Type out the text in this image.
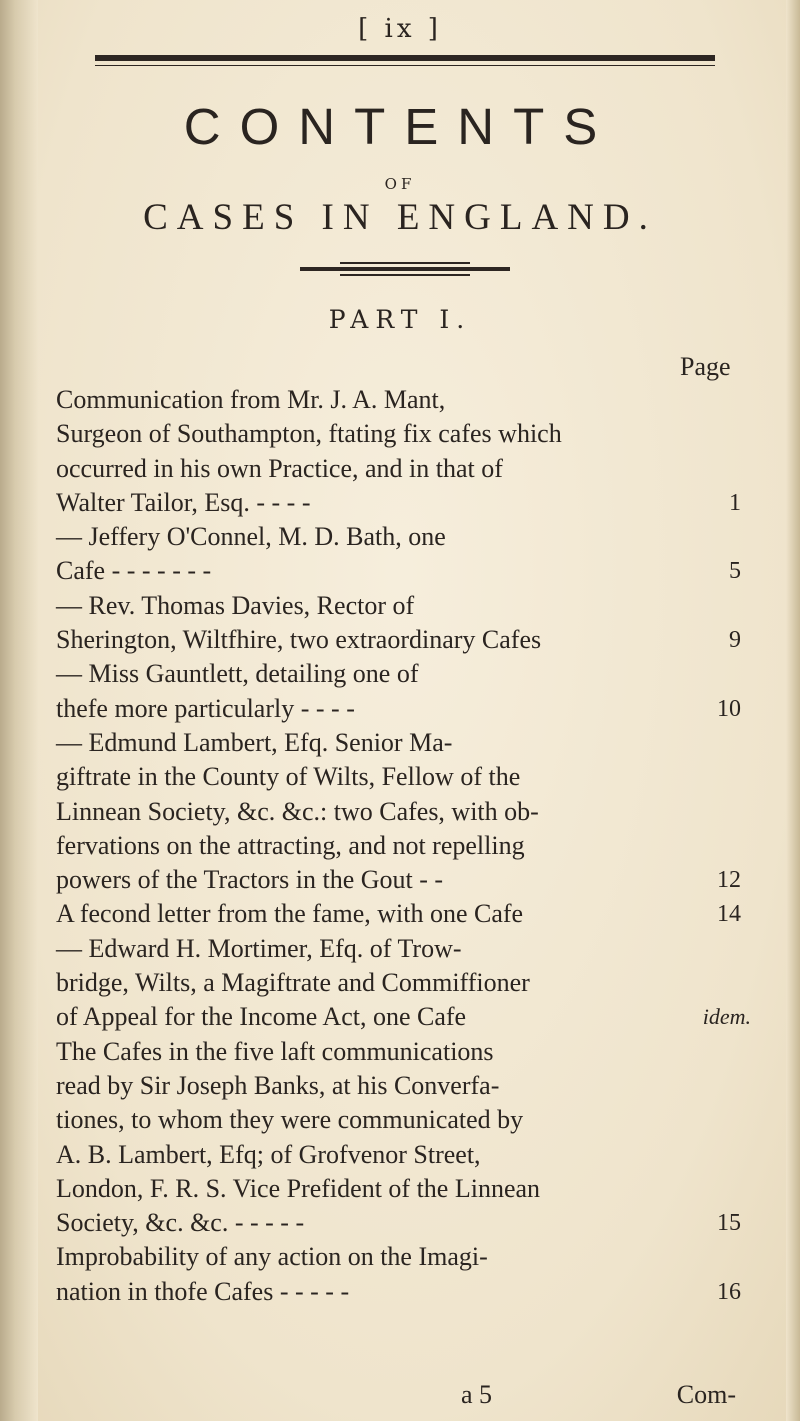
[ ix ]
CONTENTS
OF
CASES IN ENGLAND.
PART I.
Page
Communication from Mr. J. A. Mant,
Surgeon of Southampton, ftating fix cafes which
occurred in his own Practice, and in that of
Walter Tailor, Esq. - - - -	1
— Jeffery O'Connel, M. D. Bath, one
Cafe - - - - - - -	5
— Rev. Thomas Davies, Rector of
Sherington, Wiltfhire, two extraordinary Cafes	9
— Miss Gauntlett, detailing one of
thefe more particularly - - - -	10
— Edmund Lambert, Efq. Senior Ma-
giftrate in the County of Wilts, Fellow of the
Linnean Society, &c. &c.: two Cafes, with ob-
fervations on the attracting, and not repelling
powers of the Tractors in the Gout - -	12
A fecond letter from the fame, with one Cafe	14
— Edward H. Mortimer, Efq. of Trow-
bridge, Wilts, a Magiftrate and Commiffioner
of Appeal for the Income Act, one Cafe	idem.
The Cafes in the five laft communications
read by Sir Joseph Banks, at his Converfa-
tiones, to whom they were communicated by
A. B. Lambert, Efq; of Grofvenor Street,
London, F. R. S. Vice Prefident of the Linnean
Society, &c. &c. - - - - -	15
Improbability of any action on the Imagi-
nation in thofe Cafes - - - - -	16
a 5	Com-
